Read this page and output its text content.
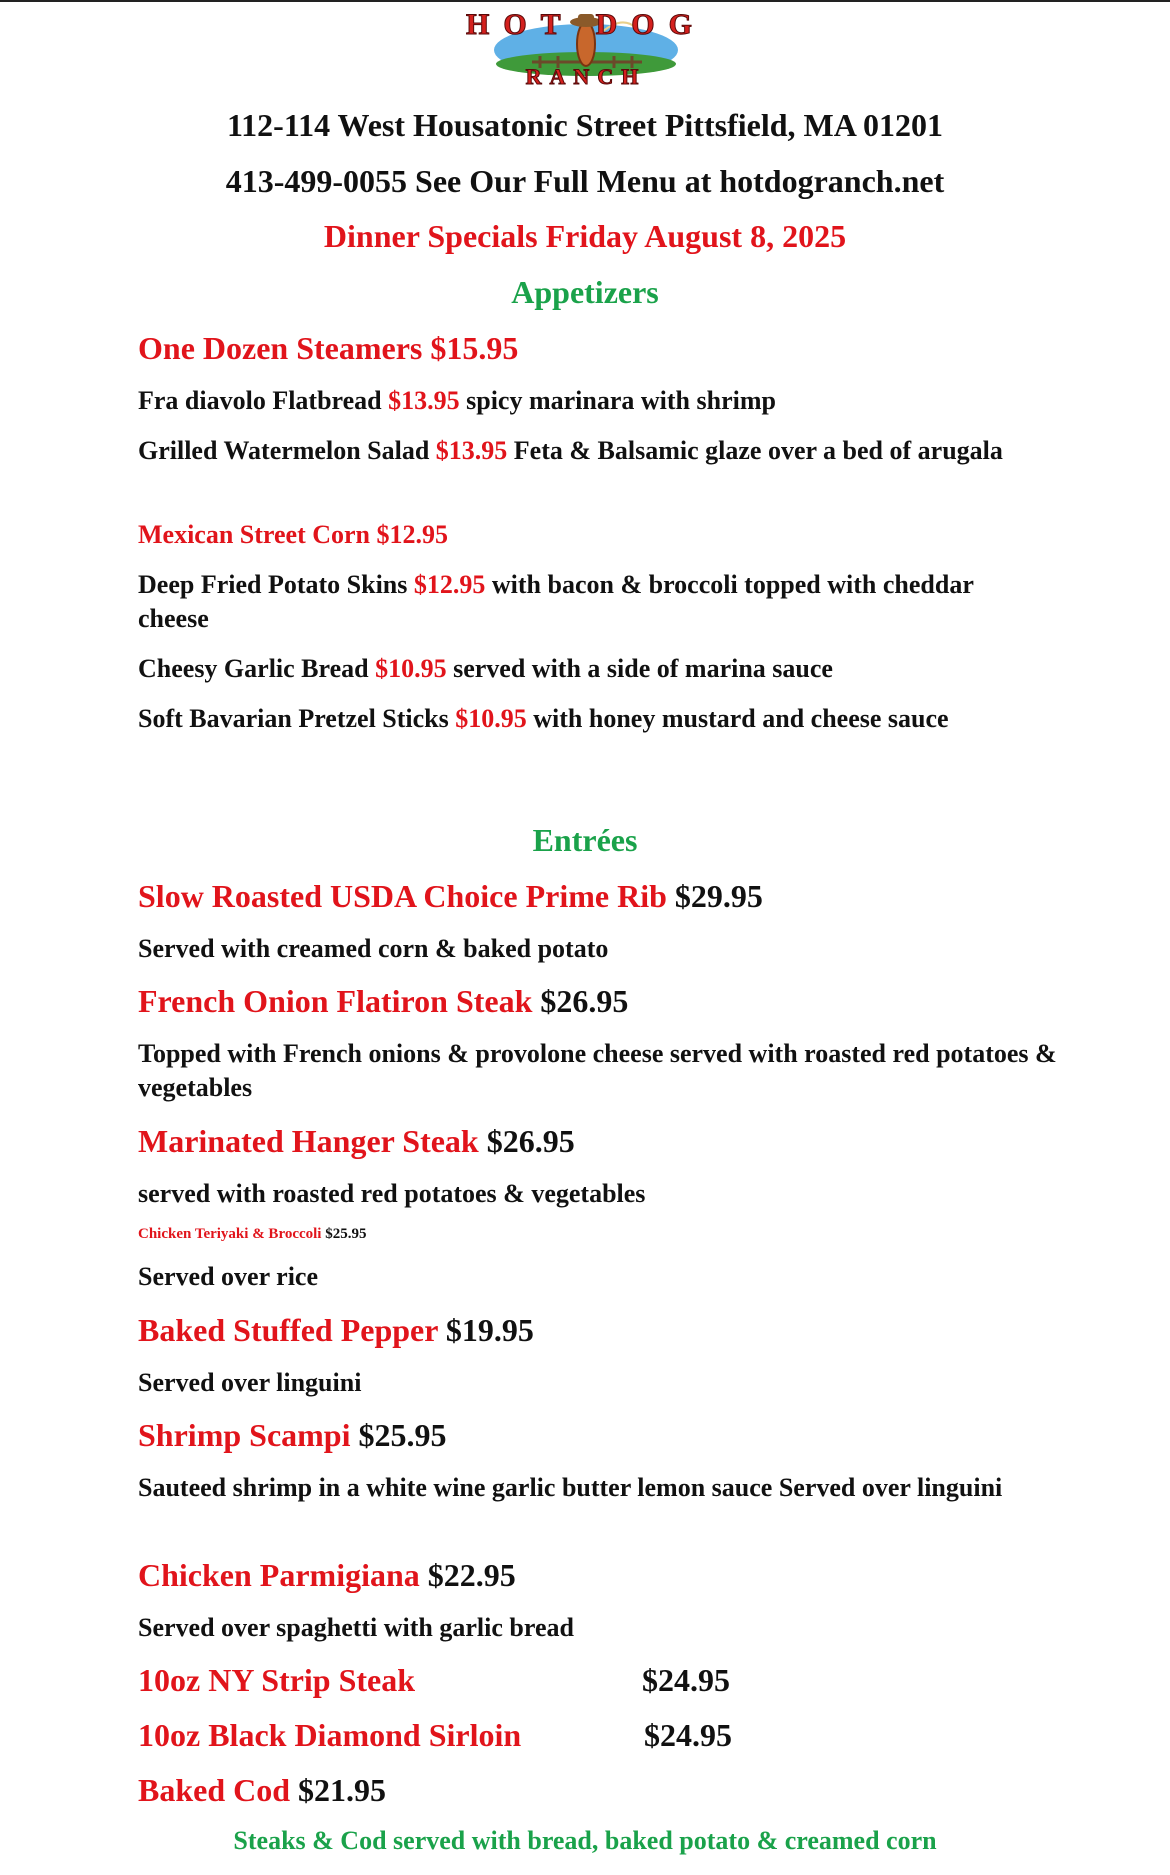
HOT DOG
RANCH
112-114 West Housatonic Street Pittsfield, MA 01201
413-499-0055 See Our Full Menu at hotdogranch.net
Dinner Specials Friday August 8, 2025
Appetizers
One Dozen Steamers $15.95
Fra diavolo Flatbread $13.95 spicy marinara with shrimp
Grilled Watermelon Salad $13.95 Feta & Balsamic glaze over a bed of arugala
Mexican Street Corn $12.95
Deep Fried Potato Skins $12.95 with bacon & broccoli topped with cheddar cheese
Cheesy Garlic Bread $10.95 served with a side of marina sauce
Soft Bavarian Pretzel Sticks $10.95 with honey mustard and cheese sauce
Entrées
Slow Roasted USDA Choice Prime Rib $29.95
Served with creamed corn & baked potato
French Onion Flatiron Steak $26.95
Topped with French onions & provolone cheese served with roasted red potatoes & vegetables
Marinated Hanger Steak $26.95
served with roasted red potatoes & vegetables
Chicken Teriyaki & Broccoli $25.95
Served over rice
Baked Stuffed Pepper $19.95
Served over linguini
Shrimp Scampi $25.95
Sauteed shrimp in a white wine garlic butter lemon sauce Served over linguini
Chicken Parmigiana $22.95
Served over spaghetti with garlic bread
10oz NY Strip Steak	$24.95
10oz Black Diamond Sirloin	$24.95
Baked Cod $21.95
Steaks & Cod served with bread, baked potato & creamed corn
